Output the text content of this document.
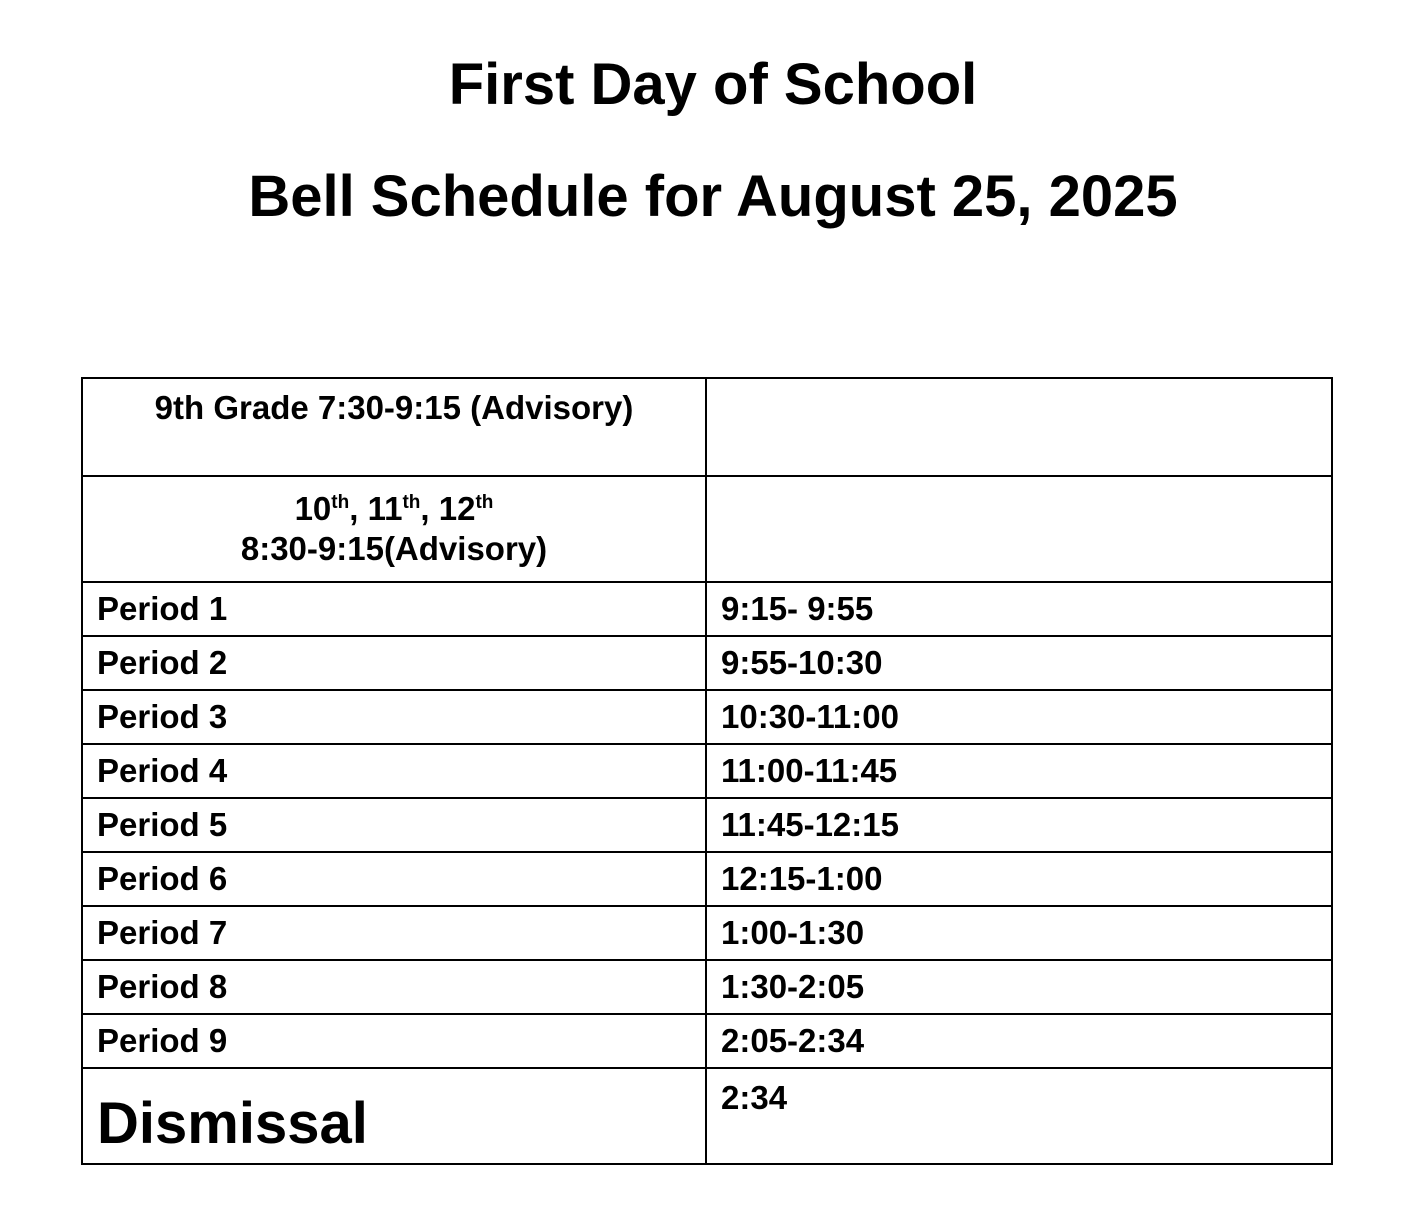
First Day of School
Bell Schedule for August 25, 2025
9th Grade 7:30-9:15 (Advisory)	

10th, 11th, 12th
8:30-9:15(Advisory)	

Period 1	9:15- 9:55
Period 2	9:55-10:30
Period 3	10:30-11:00
Period 4	11:00-11:45
Period 5	11:45-12:15
Period 6	12:15-1:00
Period 7	1:00-1:30
Period 8	1:30-2:05
Period 9	2:05-2:34
Dismissal	2:34
